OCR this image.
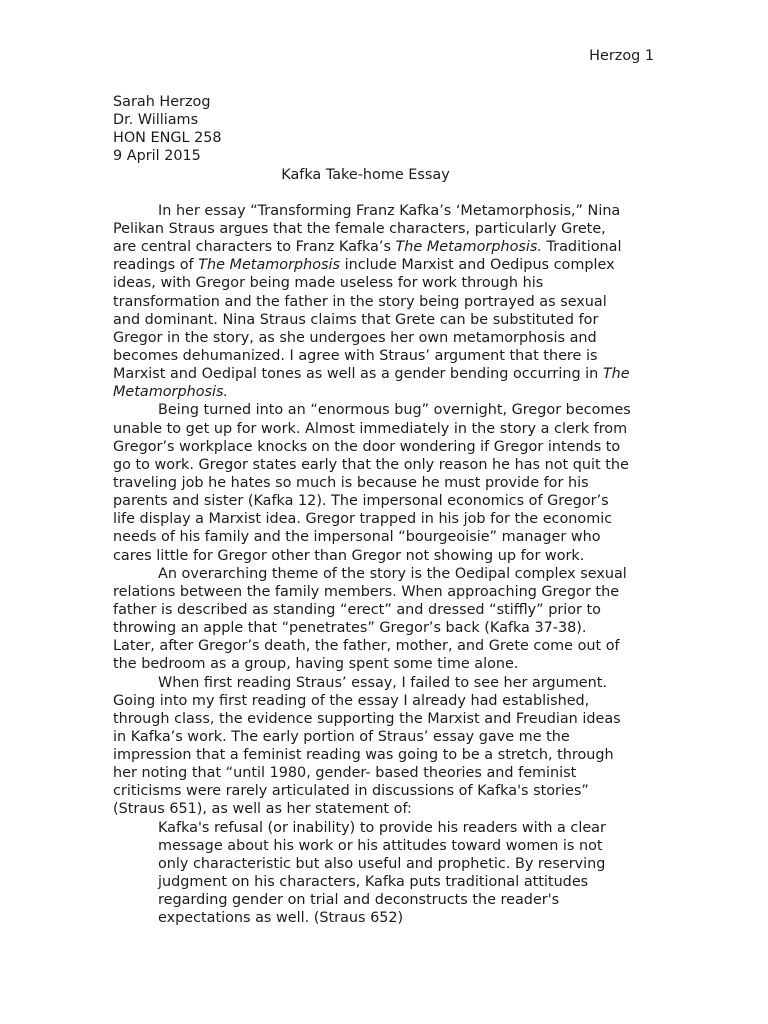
Herzog 1
Sarah Herzog
Dr. Williams
HON ENGL 258
9 April 2015
Kafka Take-home Essay
In her essay “Transforming Franz Kafka’s ‘Metamorphosis,” Nina
Pelikan Straus argues that the female characters, particularly Grete,
are central characters to Franz Kafka’s The Metamorphosis. Traditional
readings of The Metamorphosis include Marxist and Oedipus complex
ideas, with Gregor being made useless for work through his
transformation and the father in the story being portrayed as sexual
and dominant. Nina Straus claims that Grete can be substituted for
Gregor in the story, as she undergoes her own metamorphosis and
becomes dehumanized. I agree with Straus’ argument that there is
Marxist and Oedipal tones as well as a gender bending occurring in The
Metamorphosis.
Being turned into an “enormous bug” overnight, Gregor becomes
unable to get up for work. Almost immediately in the story a clerk from
Gregor’s workplace knocks on the door wondering if Gregor intends to
go to work. Gregor states early that the only reason he has not quit the
traveling job he hates so much is because he must provide for his
parents and sister (Kafka 12). The impersonal economics of Gregor’s
life display a Marxist idea. Gregor trapped in his job for the economic
needs of his family and the impersonal “bourgeoisie” manager who
cares little for Gregor other than Gregor not showing up for work.
An overarching theme of the story is the Oedipal complex sexual
relations between the family members. When approaching Gregor the
father is described as standing “erect” and dressed “stiffly” prior to
throwing an apple that “penetrates” Gregor’s back (Kafka 37-38).
Later, after Gregor’s death, the father, mother, and Grete come out of
the bedroom as a group, having spent some time alone.
When first reading Straus’ essay, I failed to see her argument.
Going into my first reading of the essay I already had established,
through class, the evidence supporting the Marxist and Freudian ideas
in Kafka’s work. The early portion of Straus’ essay gave me the
impression that a feminist reading was going to be a stretch, through
her noting that “until 1980, gender- based theories and feminist
criticisms were rarely articulated in discussions of Kafka's stories”
(Straus 651), as well as her statement of:
Kafka's refusal (or inability) to provide his readers with a clear
message about his work or his attitudes toward women is not
only characteristic but also useful and prophetic. By reserving
judgment on his characters, Kafka puts traditional attitudes
regarding gender on trial and deconstructs the reader's
expectations as well. (Straus 652)
